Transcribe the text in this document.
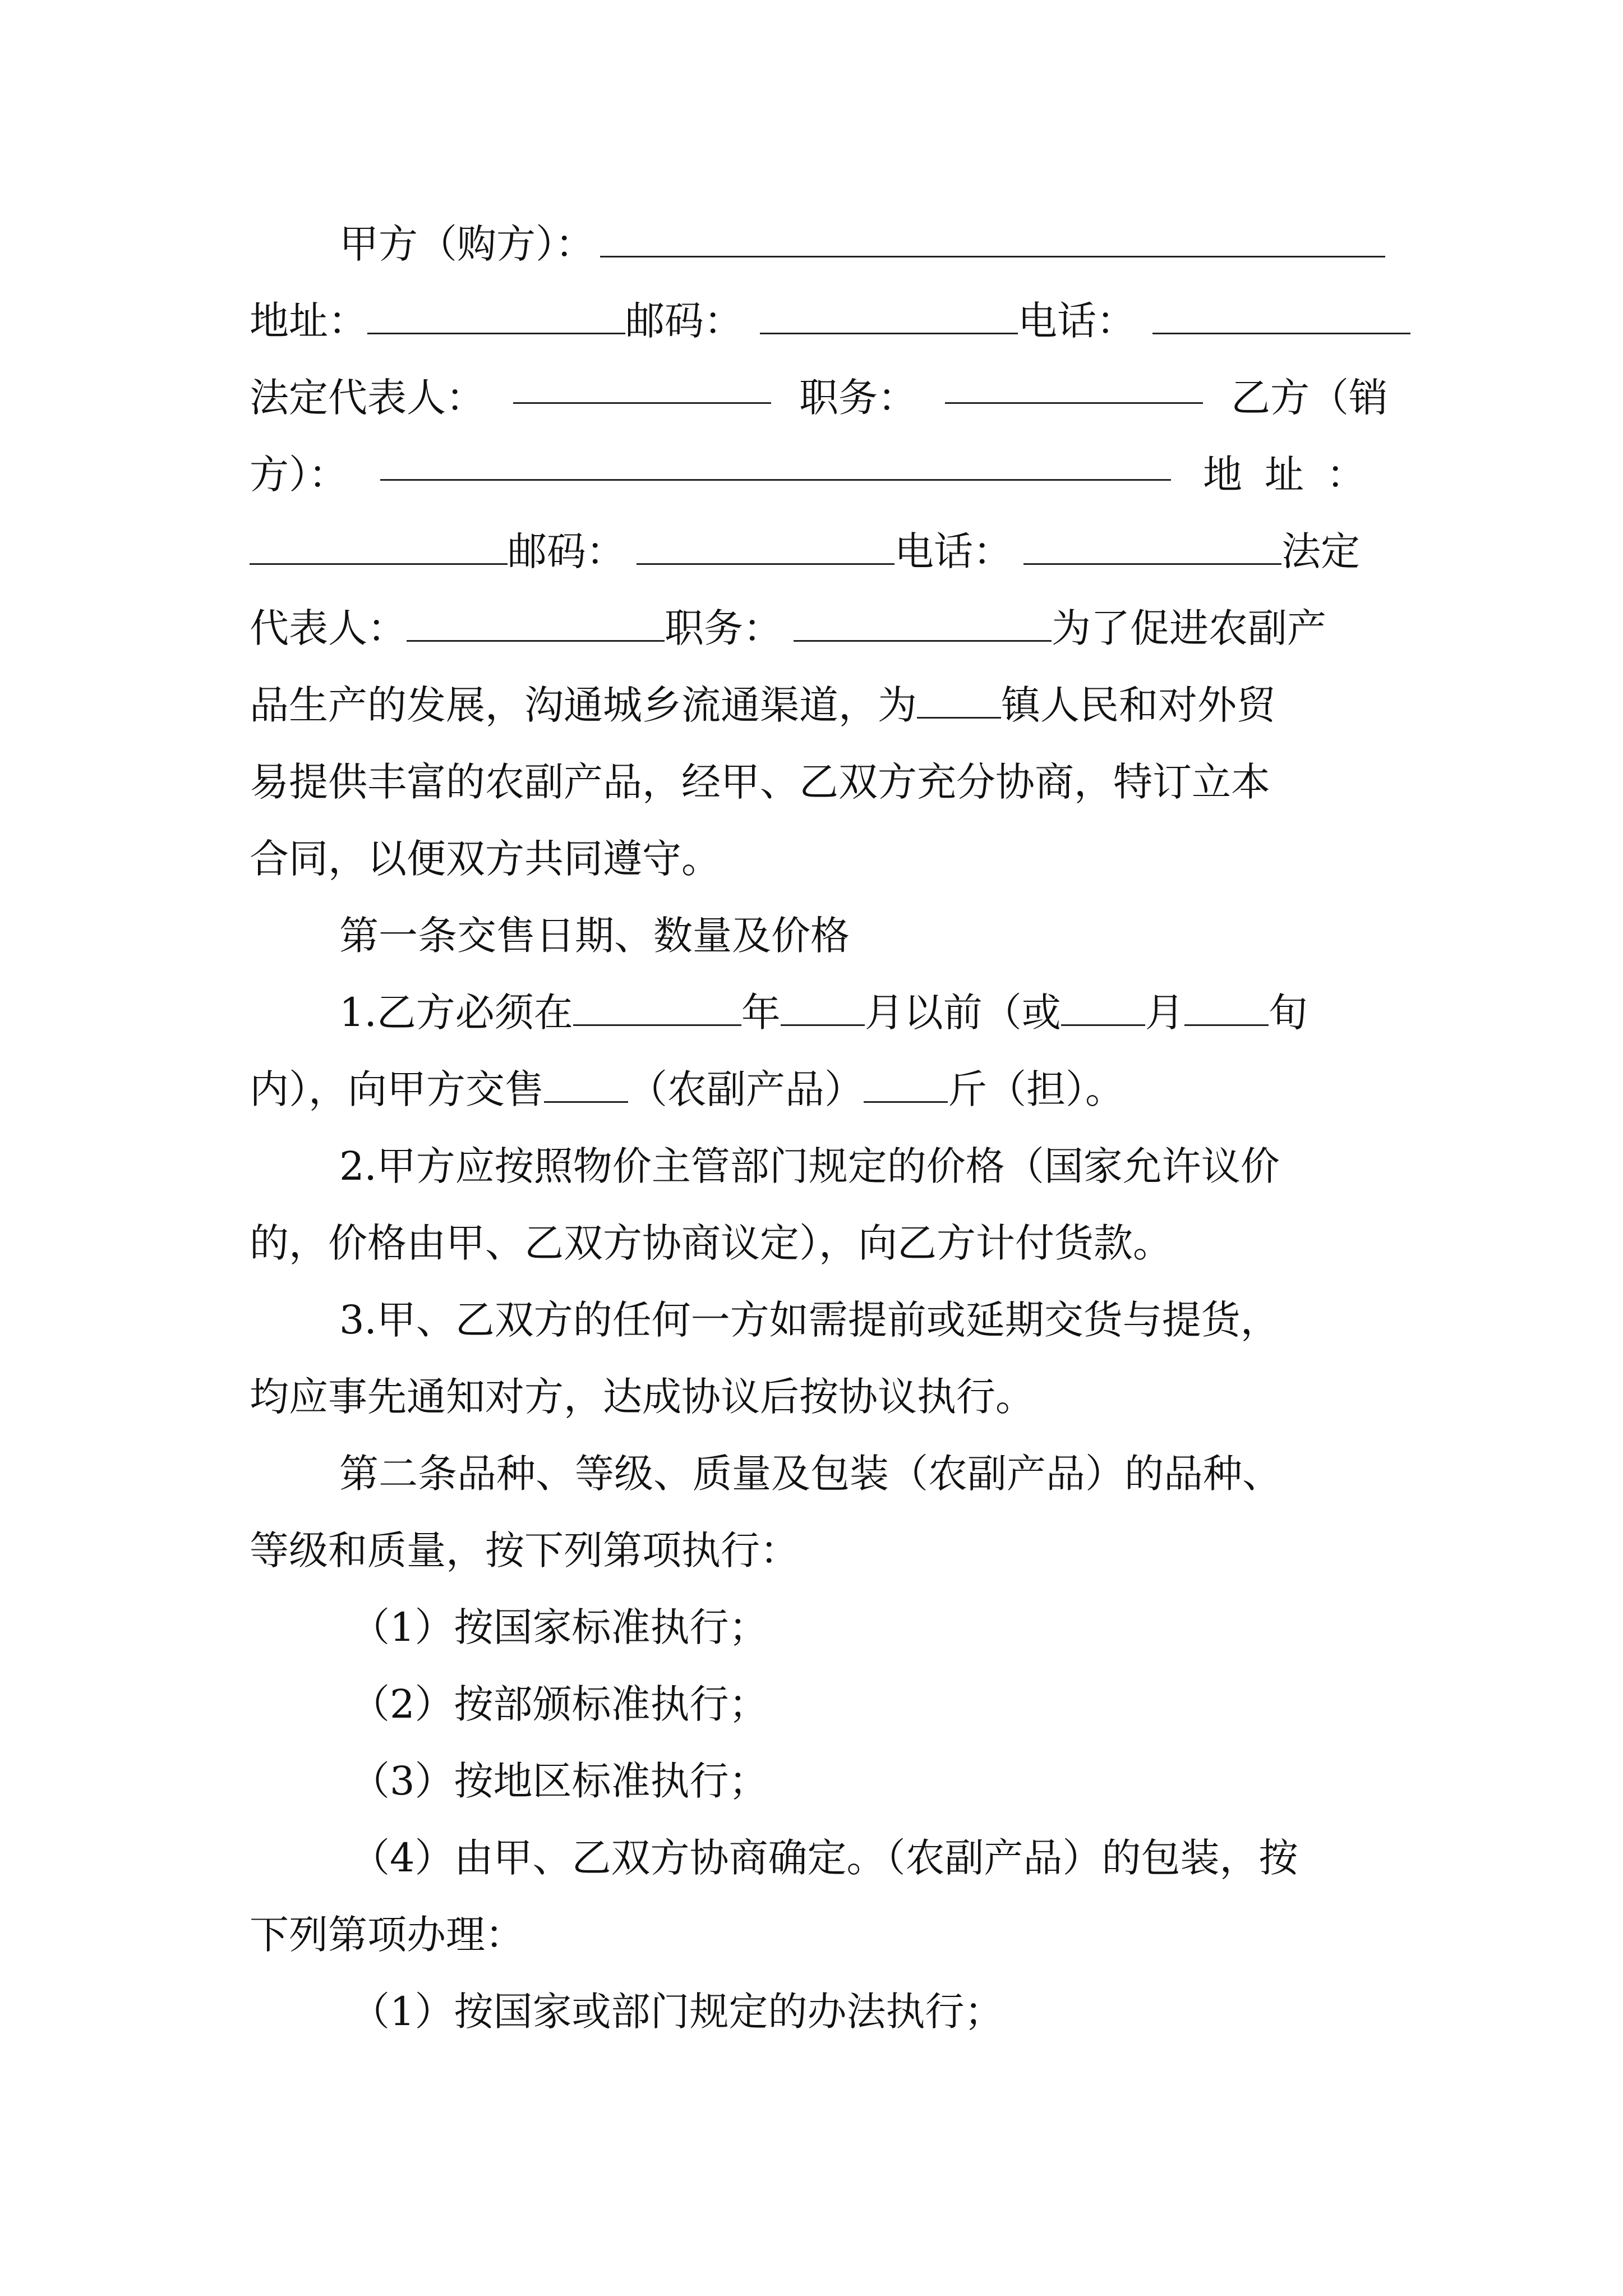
甲方（购方）：
地址：	邮码：	电话：
法定代表人：	职务：	乙方（销
方）：	地址：
邮码：	电话：	法定
代表人：	职务：	为了促进农副产
品生产的发展，沟通城乡流通渠道，为 镇人民和对外贸
易提供丰富的农副产品，经甲、乙双方充分协商，特订立本
合同，以便双方共同遵守。
第一条交售日期、数量及价格
1.乙方必须在	年 月以前（或 月 旬
内），向甲方交售 （农副产品） 斤（担）。
2.甲方应按照物价主管部门规定的价格（国家允许议价
的，价格由甲、乙双方协商议定），向乙方计付货款。
3.甲、乙双方的任何一方如需提前或延期交货与提货，
均应事先通知对方，达成协议后按协议执行。
第二条品种、等级、质量及包装（农副产品）的品种、
等级和质量，按下列第项执行：
（1）按国家标准执行；
（2）按部颁标准执行；
（3）按地区标准执行；
（4）由甲、乙双方协商确定。（农副产品）的包装，按
下列第项办理：
（1）按国家或部门规定的办法执行；
